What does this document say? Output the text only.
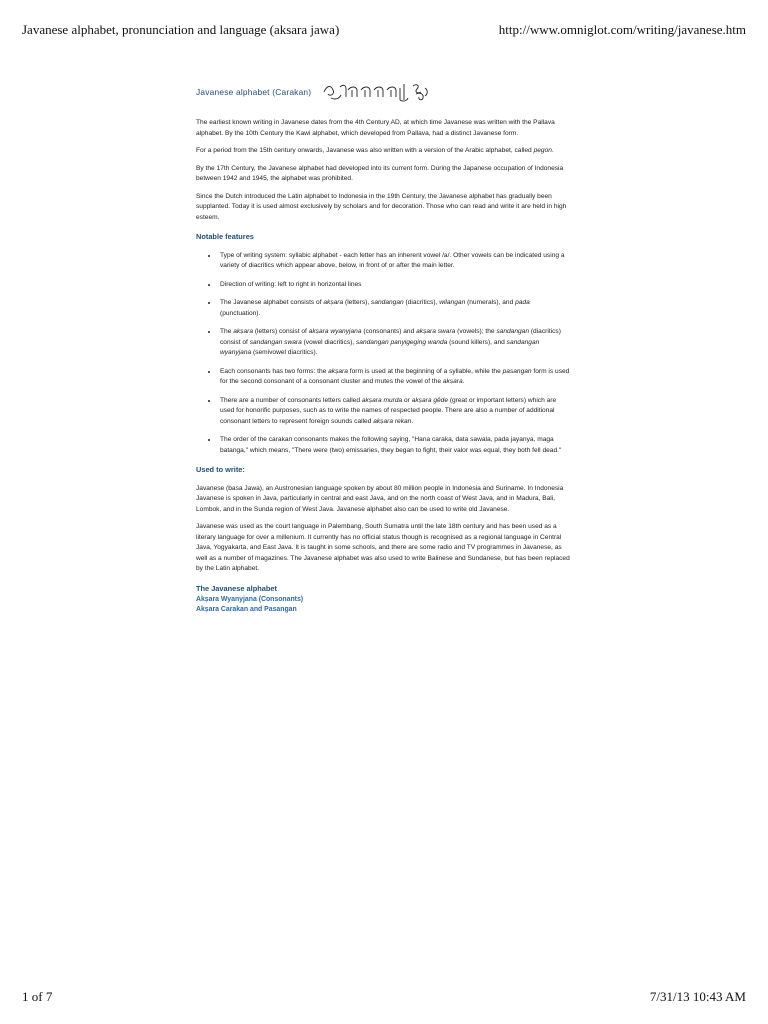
Javanese alphabet, pronunciation and language (aksara jawa)	http://www.omniglot.com/writing/javanese.htm
Javanese alphabet (Carakan)

The earliest known writing in Javanese dates from the 4th Century AD, at which time Javanese was written with the Pallava alphabet. By the 10th Century the Kawi alphabet, which developed from Pallava, had a distinct Javanese form.

For a period from the 15th century onwards, Javanese was also written with a version of the Arabic alphabet, called pegon.

By the 17th Century, the Javanese alphabet had developed into its current form. During the Japanese occupation of Indonesia between 1942 and 1945, the alphabet was prohibited.

Since the Dutch introduced the Latin alphabet to Indonesia in the 19th Century, the Javanese alphabet has gradually been supplanted. Today it is used almost exclusively by scholars and for decoration. Those who can read and write it are held in high esteem.

Notable features
• Type of writing system: syllabic alphabet - each letter has an inherent vowel /a/. Other vowels can be indicated using a variety of diacritics which appear above, below, in front of or after the main letter.
• Direction of writing: left to right in horizontal lines
• The Javanese alphabet consists of akṣara (letters), sandangan (diacritics), wilangan (numerals), and pada (punctuation).
• The akṣara (letters) consist of akṣara wyanyjana (consonants) and akṣara swara (vowels); the sandangan (diacritics) consist of sandangan swara (vowel diacritics), sandangan panyigeging wanda (sound killers), and sandangan wyanyjana (semivowel diacritics).
• Each consonants has two forms: the akṣara form is used at the beginning of a syllable, while the pasangan form is used for the second consonant of a consonant cluster and mutes the vowel of the akṣara.
• There are a number of consonants letters called akṣara murda or akṣara gêde (great or important letters) which are used for honorific purposes, such as to write the names of respected people. There are also a number of additional consonant letters to represent foreign sounds called akṣara rekan.
• The order of the carakan consonants makes the following saying, "Hana caraka, data sawala, pada jayanya, maga batanga," which means, "There were (two) emissaries, they began to fight, their valor was equal, they both fell dead."
Used to write:

Javanese (basa Jawa), an Austronesian language spoken by about 80 million people in Indonesia and Suriname. In Indonesia Javanese is spoken in Java, particularly in central and east Java, and on the north coast of West Java, and in Madura, Bali, Lombok, and in the Sunda region of West Java. Javanese alphabet also can be used to write old Javanese.

Javanese was used as the court language in Palembang, South Sumatra until the late 18th century and has been used as a literary language for over a millenium. It currently has no official status though is recognised as a regional language in Central Java, Yogyakarta, and East Java. It is taught in some schools, and there are some radio and TV programmes in Javanese, as well as a number of magazines. The Javanese alphabet was also used to write Balinese and Sundanese, but has been replaced by the Latin alphabet.

The Javanese alphabet
Akṣara Wyanyjana (Consonants)
Akṣara Carakan and Pasangan
1 of 7	7/31/13 10:43 AM
